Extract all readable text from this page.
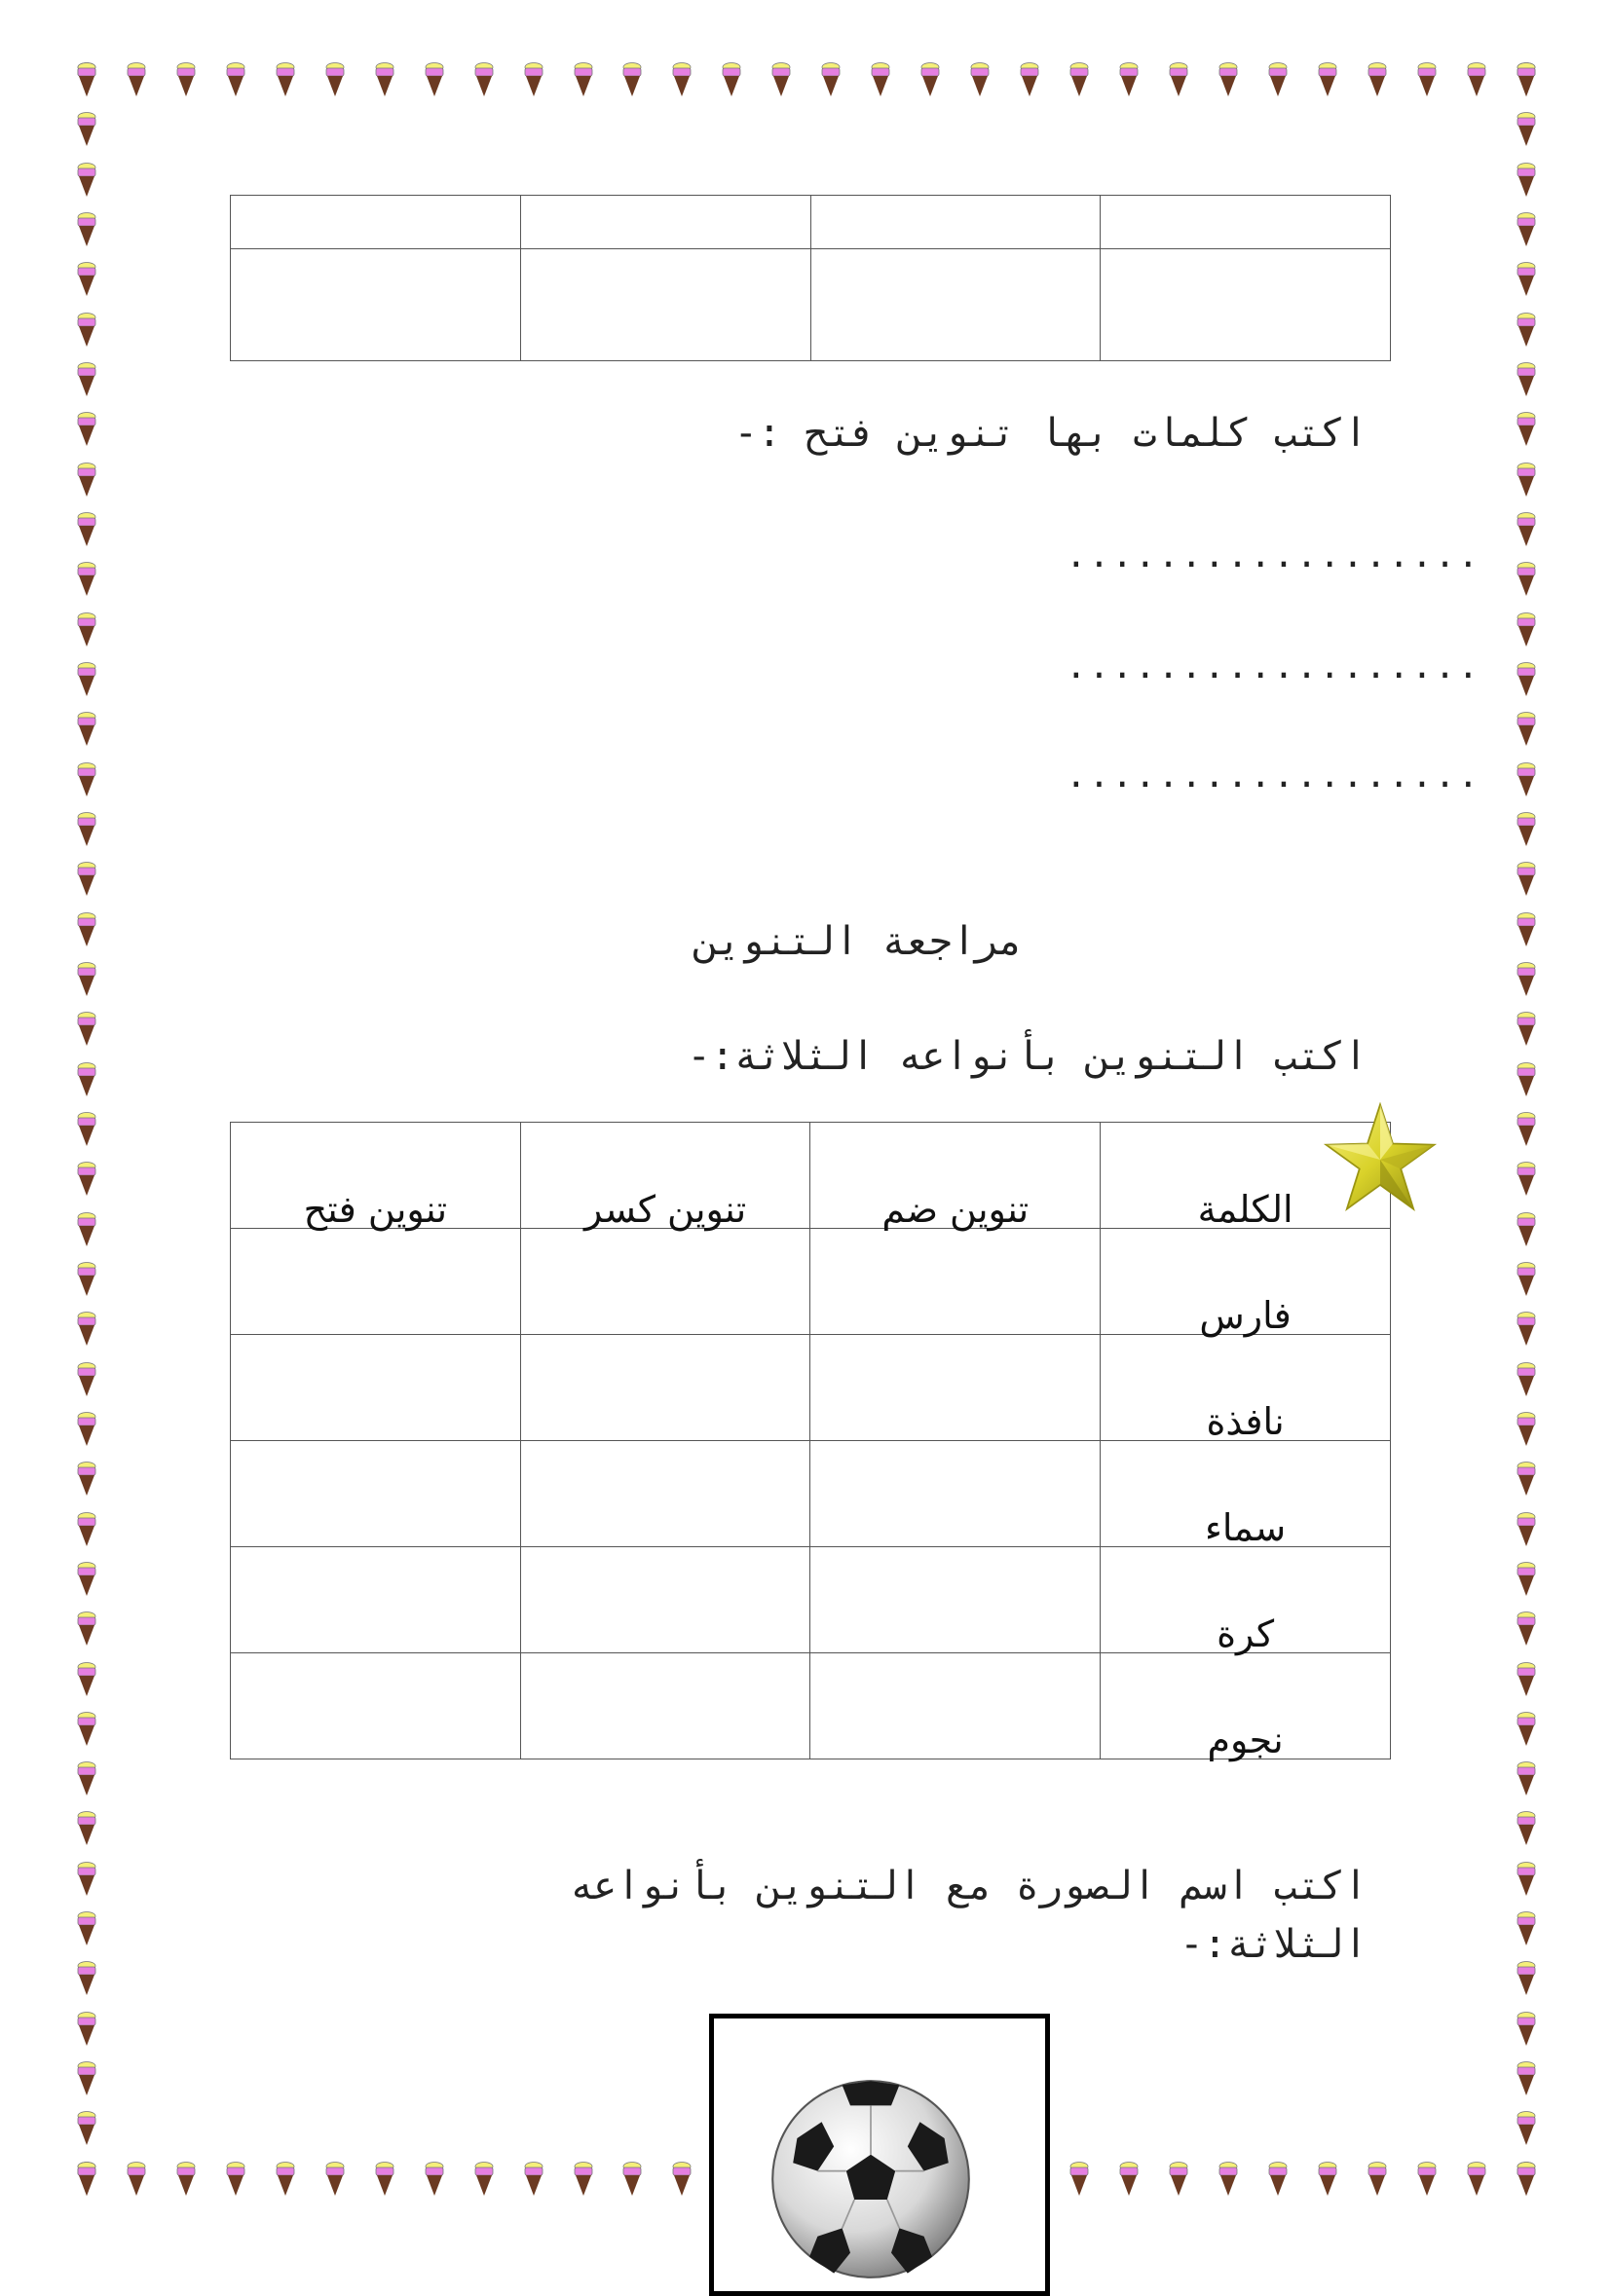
اكتب كلمات بها تنوين فتح :-
..................
..................
..................
مراجعة التنوين
اكتب التنوين بأنواعه الثلاثة:-
الكلمة	تنوين ضم	تنوين كسر	تنوين فتح

فارس			

نافذة			

سماء			

كرة			

نجوم			

اكتب اسم الصورة مع التنوين بأنواعه
الثلاثة:-
